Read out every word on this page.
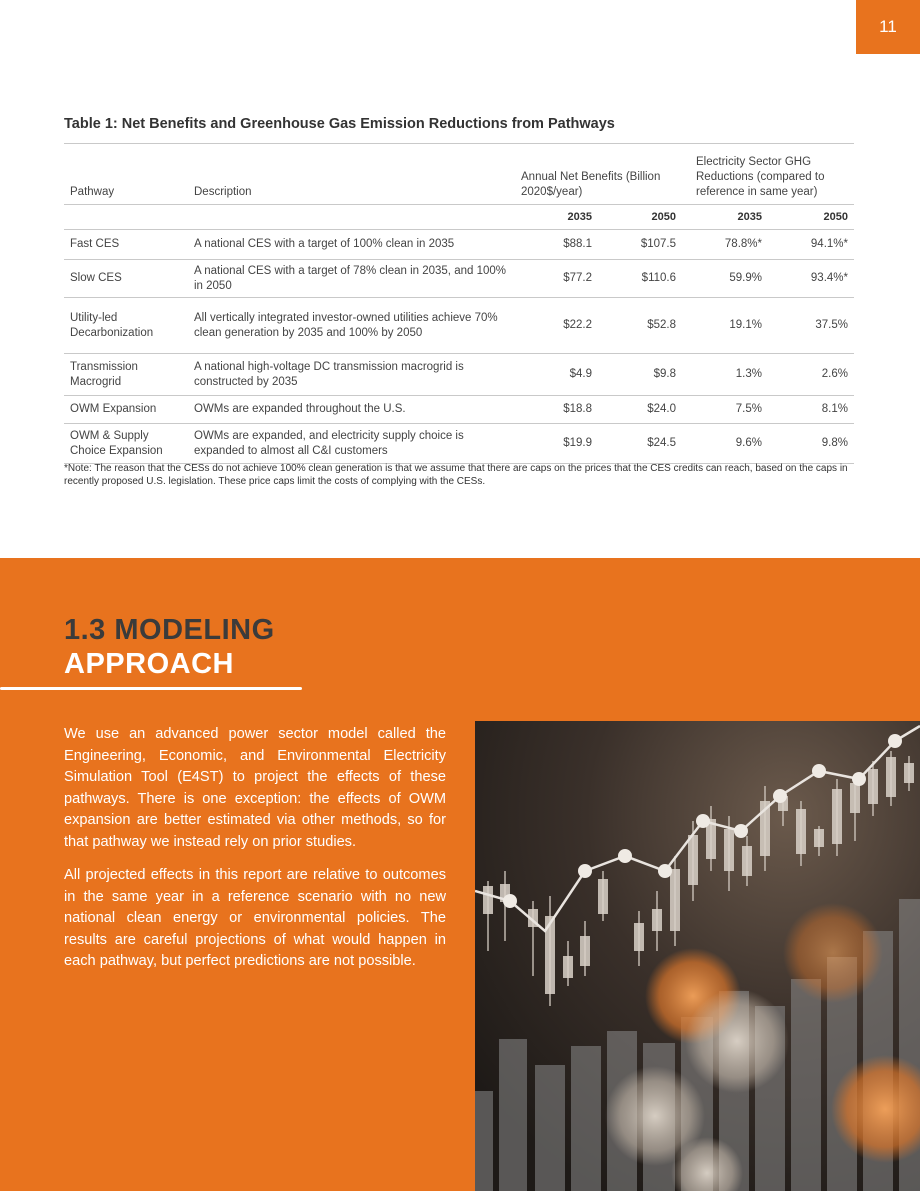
11
Table 1: Net Benefits and Greenhouse Gas Emission Reductions from Pathways
Pathway	Description	Annual Net Benefits (Billion 2020$/year)		Electricity Sector GHG Reductions (compared to reference in same year)	
		2035	2050	2035	2050
Fast CES	A national CES with a target of 100% clean in 2035	$88.1	$107.5	78.8%*	94.1%*
Slow CES	A national CES with a target of 78% clean in 2035, and 100% in 2050	$77.2	$110.6	59.9%	93.4%*
Utility-led Decarbonization	All vertically integrated investor-owned utilities achieve 70% clean generation by 2035 and 100% by 2050	$22.2	$52.8	19.1%	37.5%
Transmission Macrogrid	A national high-voltage DC transmission macrogrid is constructed by 2035	$4.9	$9.8	1.3%	2.6%
OWM Expansion	OWMs are expanded throughout the U.S.	$18.8	$24.0	7.5%	8.1%
OWM & Supply Choice Expansion	OWMs are expanded, and electricity supply choice is expanded to almost all C&I customers	$19.9	$24.5	9.6%	9.8%
*Note: The reason that the CESs do not achieve 100% clean generation is that we assume that there are caps on the prices that the CES credits can reach, based on the caps in recently proposed U.S. legislation. These price caps limit the costs of complying with the CESs.
1.3 MODELING
APPROACH

We use an advanced power sector model called the Engineering, Economic, and Environmental Electricity Simulation Tool (E4ST) to project the effects of these pathways. There is one exception: the effects of OWM expansion are better estimated via other methods, so for that pathway we instead rely on prior studies.

All projected effects in this report are relative to outcomes in the same year in a reference scenario with no new national clean energy or environmental policies. The results are careful projections of what would happen in each pathway, but perfect predictions are not possible.
